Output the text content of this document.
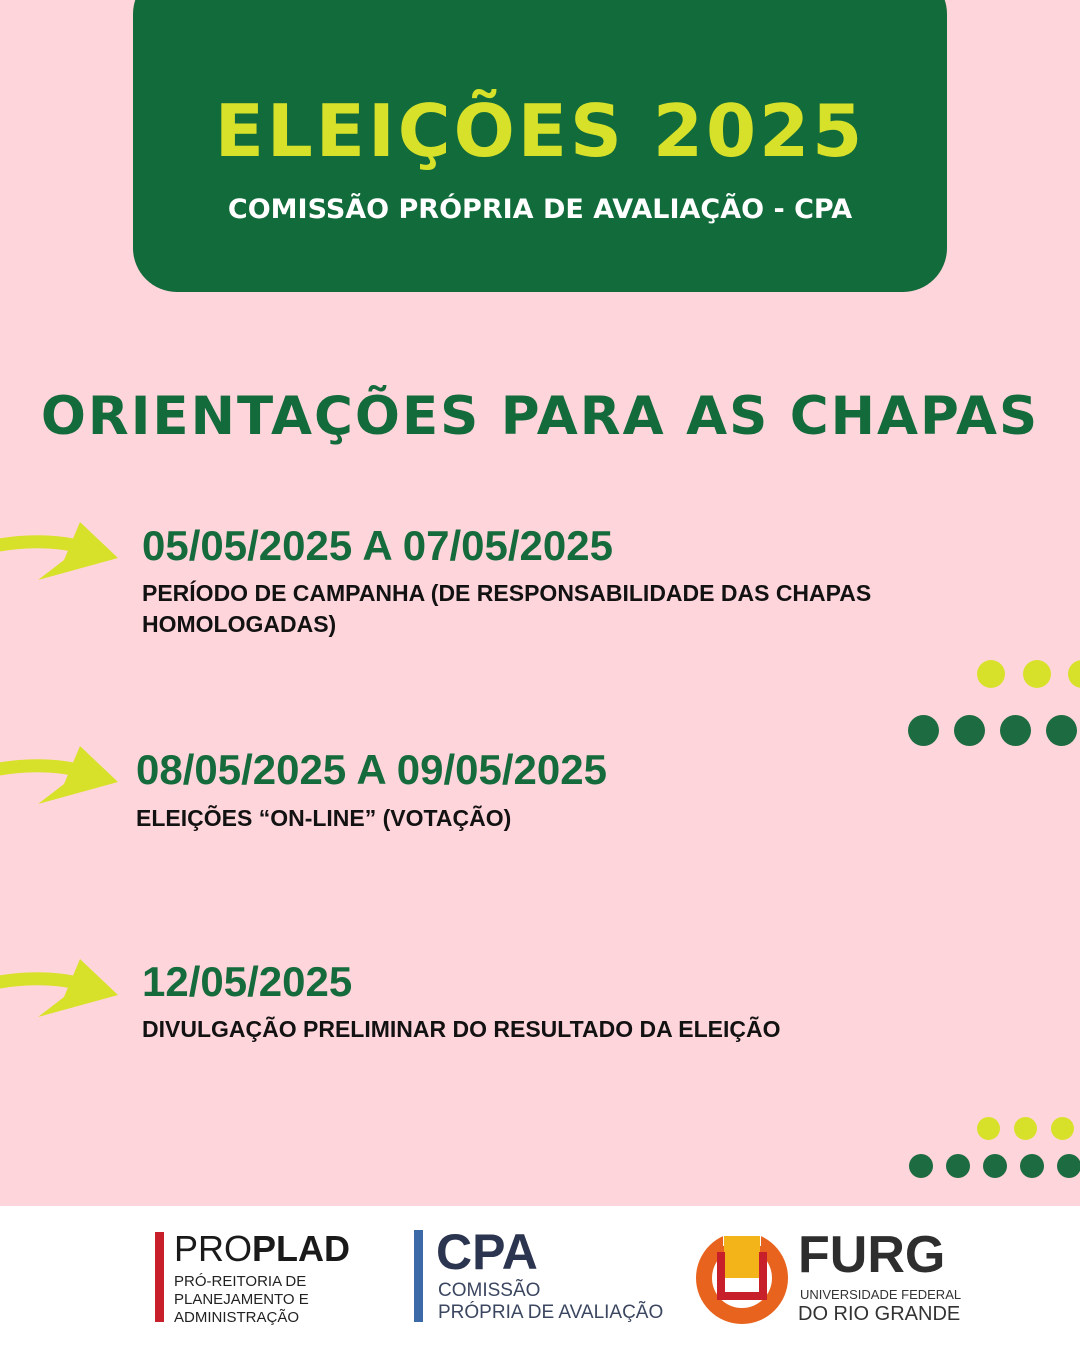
ELEIÇÕES 2025
COMISSÃO PRÓPRIA DE AVALIAÇÃO - CPA
ORIENTAÇÕES PARA AS CHAPAS
05/05/2025 A 07/05/2025
PERÍODO DE CAMPANHA (DE RESPONSABILIDADE DAS CHAPAS
HOMOLOGADAS)
08/05/2025 A 09/05/2025
ELEIÇÕES “ON-LINE” (VOTAÇÃO)
12/05/2025
DIVULGAÇÃO PRELIMINAR DO RESULTADO DA ELEIÇÃO
PROPLAD
PRÓ-REITORIA DE
PLANEJAMENTO E
ADMINISTRAÇÃO
CPA
COMISSÃO
PRÓPRIA DE AVALIAÇÃO
FURG
UNIVERSIDADE FEDERAL
DO RIO GRANDE
